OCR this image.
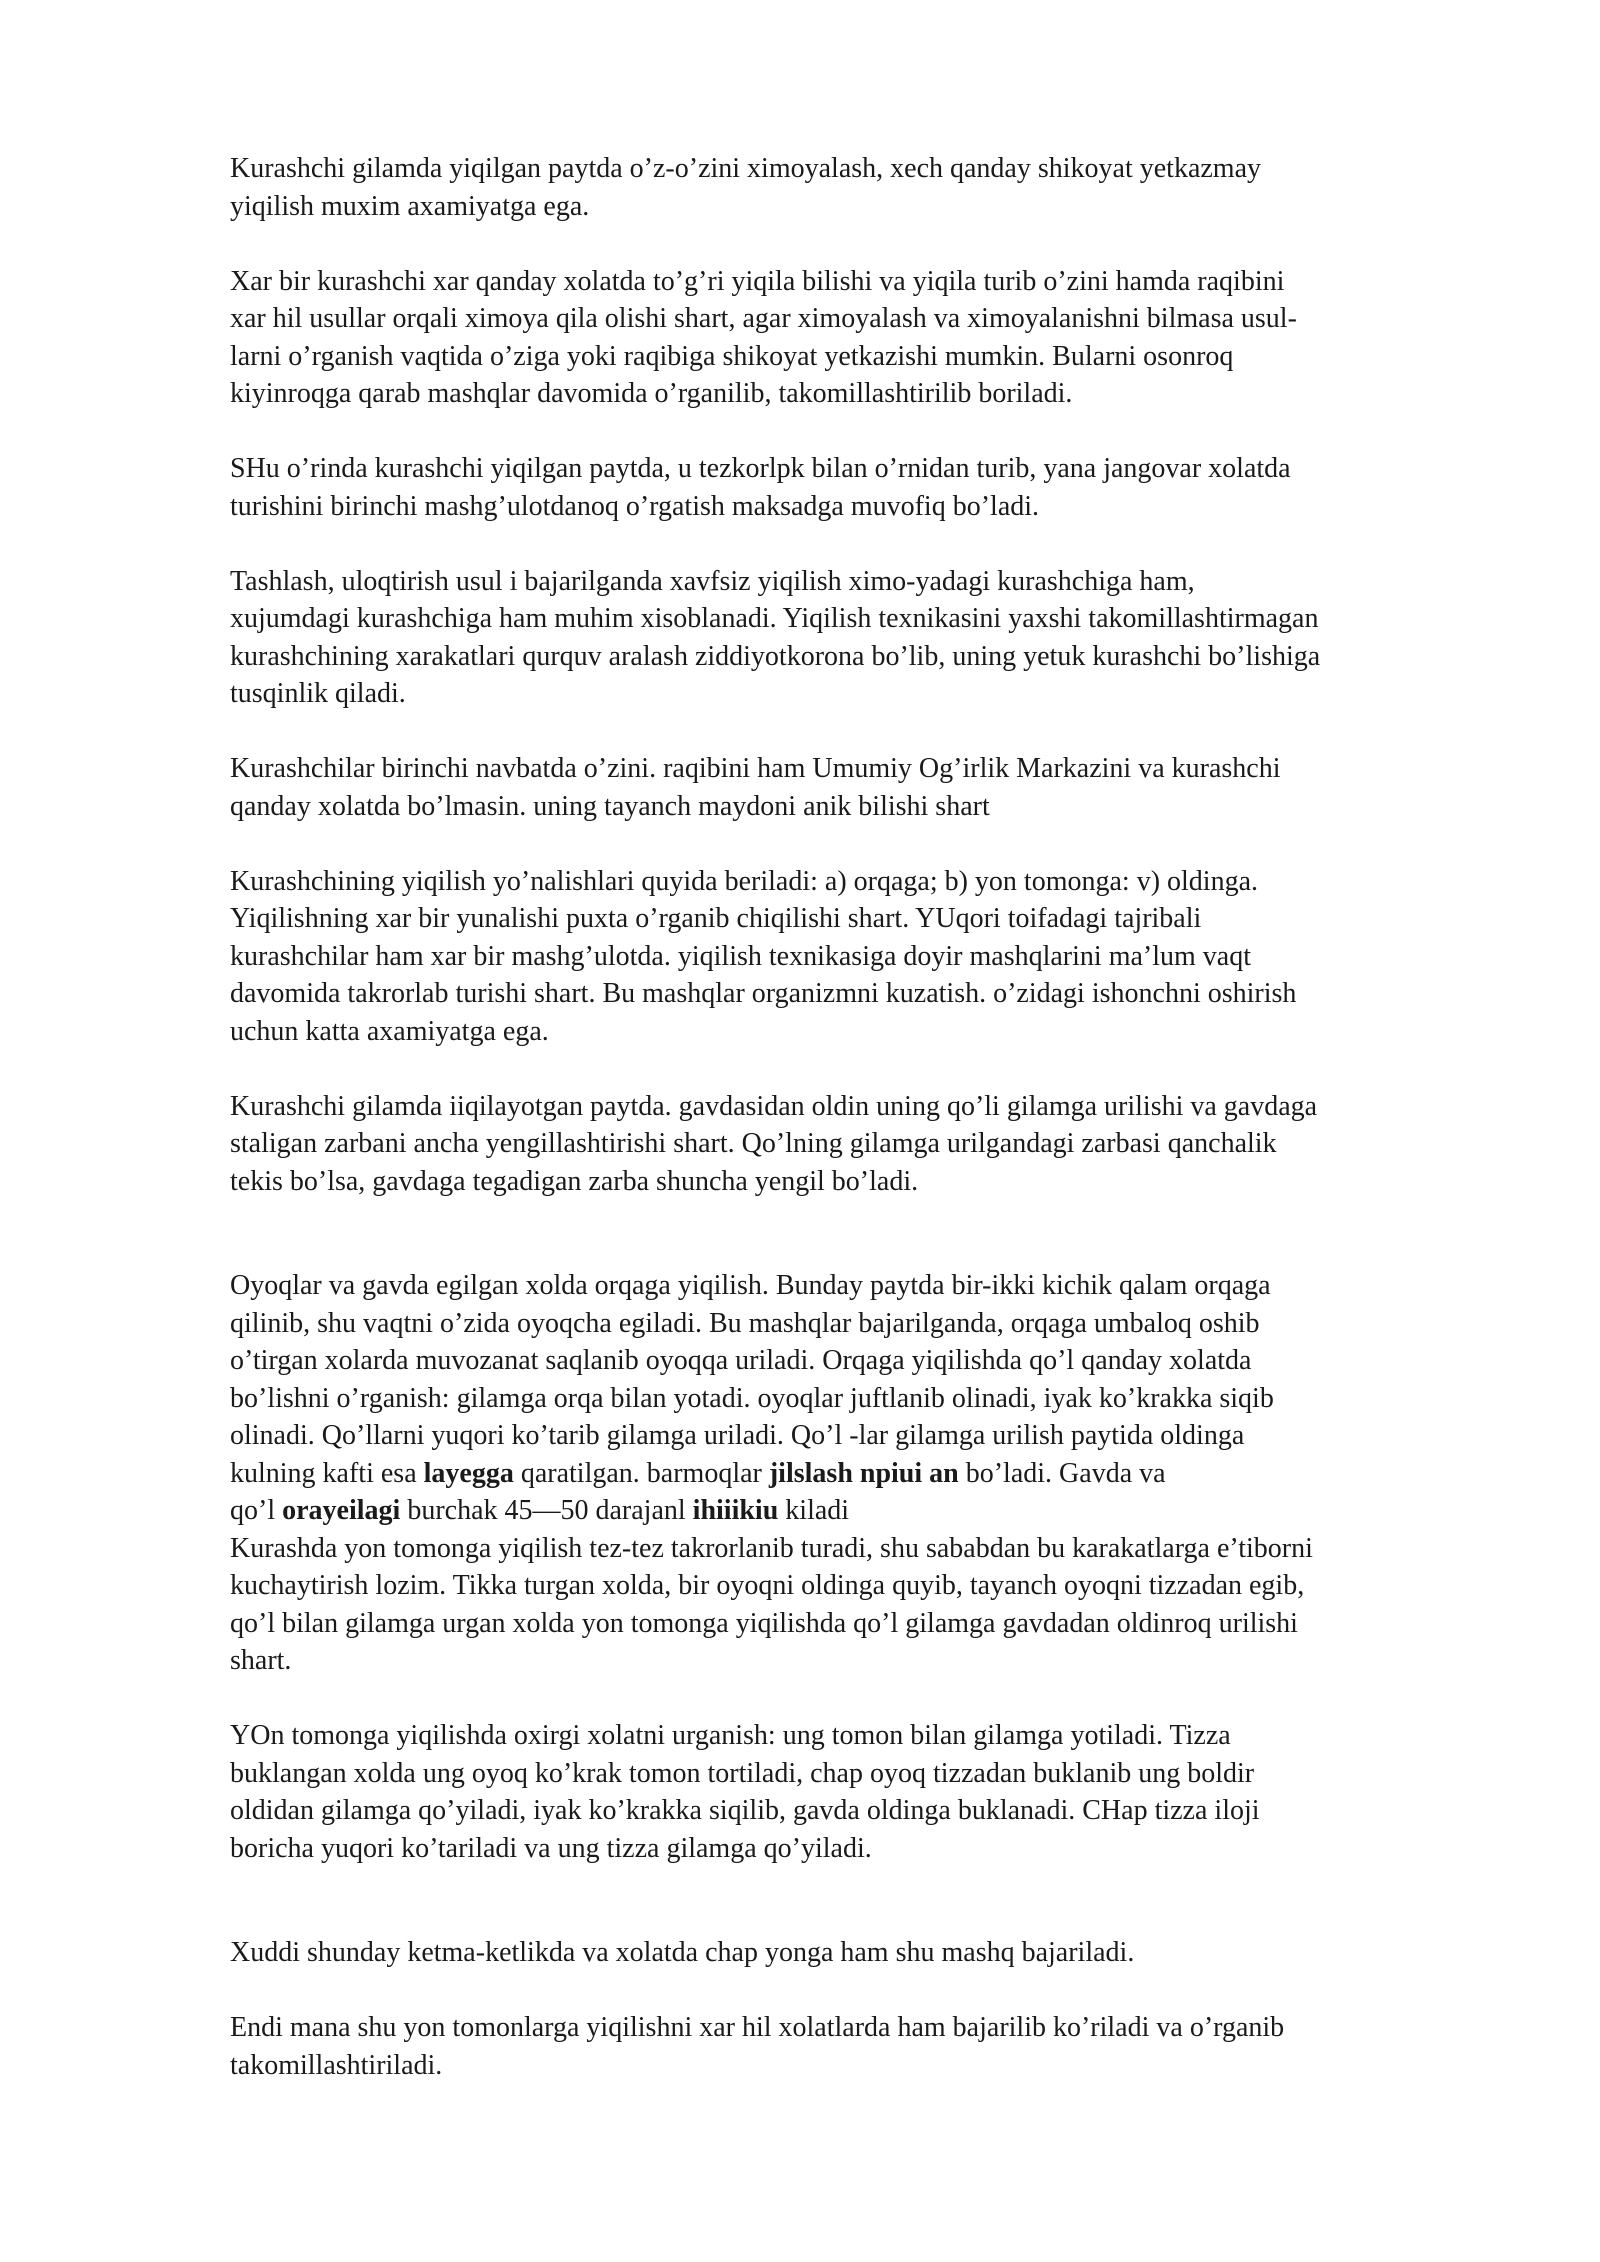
Kurashchi gilamda yiqilgan paytda o’z-o’zini ximoyalash, xech qanday shikoyat yetkazmay
yiqilish muxim axamiyatga ega.
Xar bir kurashchi xar qanday xolatda to’g’ri yiqila bilishi va yiqila turib o’zini hamda raqibini
xar hil usullar orqali ximoya qila olishi shart, agar ximoyalash va ximoyalanishni bilmasa usul-
larni o’rganish vaqtida o’ziga yoki raqibiga shikoyat yetkazishi mumkin. Bularni osonroq
kiyinroqga qarab mashqlar davomida o’rganilib, takomillashtirilib boriladi.
SHu o’rinda kurashchi yiqilgan paytda, u tezkorlpk bilan o’rnidan turib, yana jangovar xolatda
turishini birinchi mashg’ulotdanoq o’rgatish maksadga muvofiq bo’ladi.
Tashlash, uloqtirish usul i bajarilganda xavfsiz yiqilish ximo-yadagi kurashchiga ham,
xujumdagi kurashchiga ham muhim xisoblanadi. Yiqilish texnikasini yaxshi takomillashtirmagan
kurashchining xarakatlari qurquv aralash ziddiyotkorona bo’lib, uning yetuk kurashchi bo’lishiga
tusqinlik qiladi.
Kurashchilar birinchi navbatda o’zini. raqibini ham Umumiy Og’irlik Markazini va kurashchi
qanday xolatda bo’lmasin. uning tayanch maydoni anik bilishi shart
Kurashchining yiqilish yo’nalishlari quyida beriladi: a) orqaga; b) yon tomonga: v) oldinga.
Yiqilishning xar bir yunalishi puxta o’rganib chiqilishi shart. YUqori toifadagi tajribali
kurashchilar ham xar bir mashg’ulotda. yiqilish texnikasiga doyir mashqlarini ma’lum vaqt
davomida takrorlab turishi shart. Bu mashqlar organizmni kuzatish. o’zidagi ishonchni oshirish
uchun katta axamiyatga ega.
Kurashchi gilamda iiqilayotgan paytda. gavdasidan oldin uning qo’li gilamga urilishi va gavdaga
staligan zarbani ancha yengillashtirishi shart. Qo’lning gilamga urilgandagi zarbasi qanchalik
tekis bo’lsa, gavdaga tegadigan zarba shuncha yengil bo’ladi.
Oyoqlar va gavda egilgan xolda orqaga yiqilish. Bunday paytda bir-ikki kichik qalam orqaga
qilinib, shu vaqtni o’zida oyoqcha egiladi. Bu mashqlar bajarilganda, orqaga umbaloq oshib
o’tirgan xolarda muvozanat saqlanib oyoqqa uriladi. Orqaga yiqilishda qo’l qanday xolatda
bo’lishni o’rganish: gilamga orqa bilan yotadi. oyoqlar juftlanib olinadi, iyak ko’krakka siqib
olinadi. Qo’llarni yuqori ko’tarib gilamga uriladi. Qo’l -lar gilamga urilish paytida oldinga
kulning kafti esa layegga qaratilgan. barmoqlar jilslash npiui an bo’ladi. Gavda va
qo’l orayeilagi burchak 45—50 darajanl ihiiikiu kiladi
Kurashda yon tomonga yiqilish tez-tez takrorlanib turadi, shu sababdan bu karakatlarga e’tiborni
kuchaytirish lozim. Tikka turgan xolda, bir oyoqni oldinga quyib, tayanch oyoqni tizzadan egib,
qo’l bilan gilamga urgan xolda yon tomonga yiqilishda qo’l gilamga gavdadan oldinroq urilishi
shart.
YOn tomonga yiqilishda oxirgi xolatni urganish: ung tomon bilan gilamga yotiladi. Tizza
buklangan xolda ung oyoq ko’krak tomon tortiladi, chap oyoq tizzadan buklanib ung boldir
oldidan gilamga qo’yiladi, iyak ko’krakka siqilib, gavda oldinga buklanadi. CHap tizza iloji
boricha yuqori ko’tariladi va ung tizza gilamga qo’yiladi.
Xuddi shunday ketma-ketlikda va xolatda chap yonga ham shu mashq bajariladi.
Endi mana shu yon tomonlarga yiqilishni xar hil xolatlarda ham bajarilib ko’riladi va o’rganib
takomillashtiriladi.
